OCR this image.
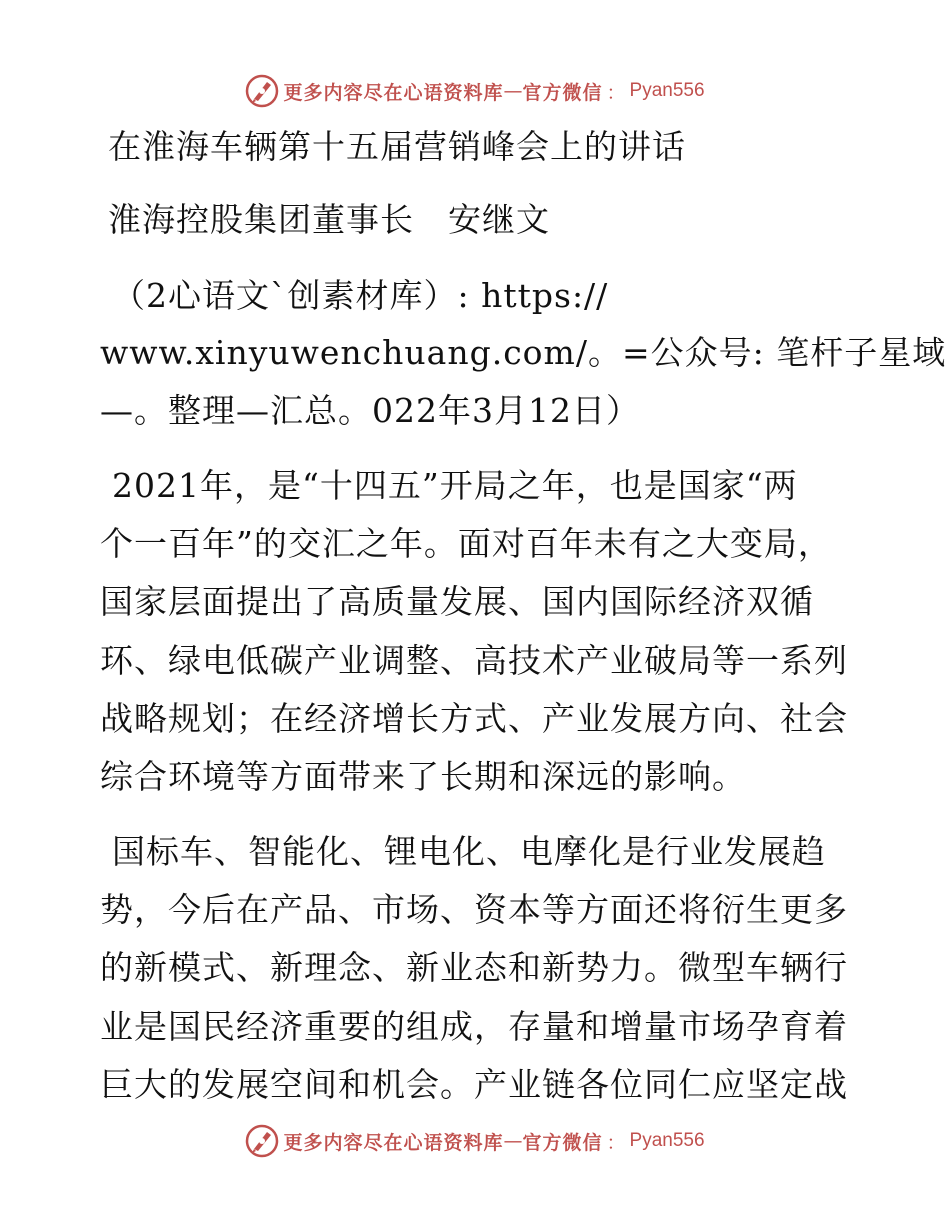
更多内容尽在心语资料库 — 官方微信 ： Pyan556
在淮海车辆第十五届营销峰会上的讲话
淮海控股集团董事长　安继文
（2心语文`创素材库）: https://
www.xinyuwenchuang.com/。=公众号: 笔杆子星域
—。整理—汇总。022年3月12日）
2021年，是“十四五”开局之年，也是国家“两
个一百年”的交汇之年。面对百年未有之大变局，
国家层面提出了高质量发展、国内国际经济双循
环、绿电低碳产业调整、高技术产业破局等一系列
战略规划；在经济增长方式、产业发展方向、社会
综合环境等方面带来了长期和深远的影响。
国标车、智能化、锂电化、电摩化是行业发展趋
势，今后在产品、市场、资本等方面还将衍生更多
的新模式、新理念、新业态和新势力。微型车辆行
业是国民经济重要的组成，存量和增量市场孕育着
巨大的发展空间和机会。产业链各位同仁应坚定战
更多内容尽在心语资料库 — 官方微信 ： Pyan556
